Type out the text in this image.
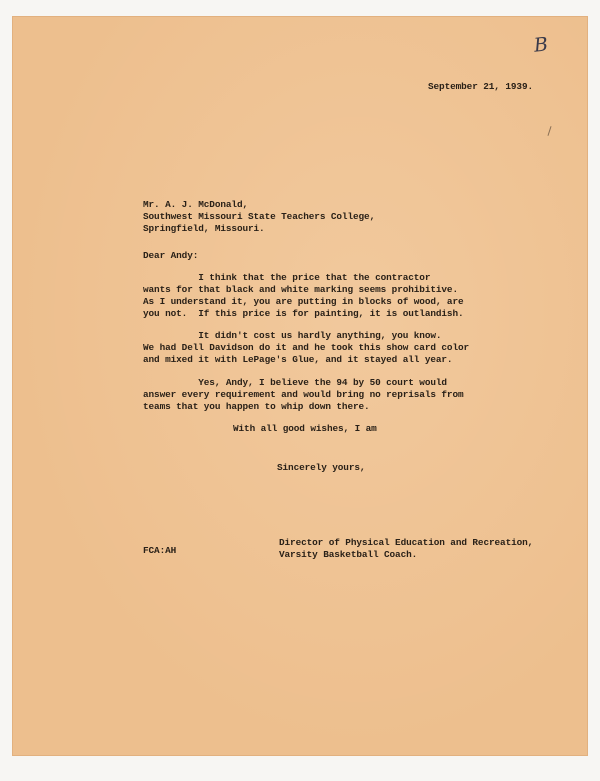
B
September 21, 1939.
Mr. A. J. McDonald,
Southwest Missouri State Teachers College,
Springfield, Missouri.
Dear Andy:
I think that the price that the contractor
wants for that black and white marking seems prohibitive.
As I understand it, you are putting in blocks of wood, are
you not.  If this price is for painting, it is outlandish.
It didn't cost us hardly anything, you know.
We had Dell Davidson do it and he took this show card color
and mixed it with LePage's Glue, and it stayed all year.
Yes, Andy, I believe the 94 by 50 court would
answer every requirement and would bring no reprisals from
teams that you happen to whip down there.
With all good wishes, I am
Sincerely yours,
Director of Physical Education and Recreation,
Varsity Basketball Coach.
FCA:AH
